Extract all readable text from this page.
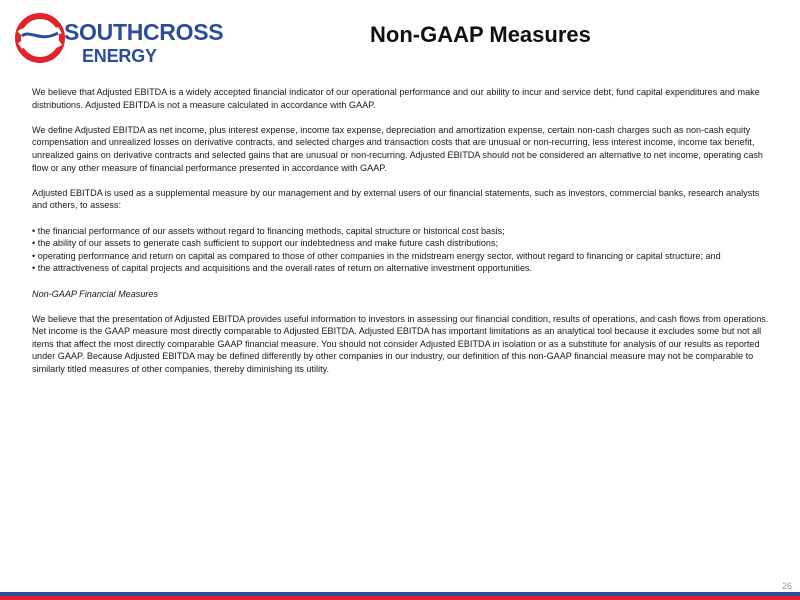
SOUTHCROSS
ENERGY
Non-GAAP Measures

We believe that Adjusted EBITDA is a widely accepted financial indicator of our operational performance and our ability to incur and service debt, fund capital expenditures and make distributions. Adjusted EBITDA is not a measure calculated in accordance with GAAP.

We define Adjusted EBITDA as net income, plus interest expense, income tax expense, depreciation and amortization expense, certain non-cash charges such as non-cash equity compensation and unrealized losses on derivative contracts, and selected charges and transaction costs that are unusual or non-recurring, less interest income, income tax benefit, unrealized gains on derivative contracts and selected gains that are unusual or non-recurring. Adjusted EBITDA should not be considered an alternative to net income, operating cash flow or any other measure of financial performance presented in accordance with GAAP.

Adjusted EBITDA is used as a supplemental measure by our management and by external users of our financial statements, such as investors, commercial banks, research analysts and others, to assess:

• the financial performance of our assets without regard to financing methods, capital structure or historical cost basis;
• the ability of our assets to generate cash sufficient to support our indebtedness and make future cash distributions;
• operating performance and return on capital as compared to those of other companies in the midstream energy sector, without regard to financing or capital structure; and
• the attractiveness of capital projects and acquisitions and the overall rates of return on alternative investment opportunities.
Non-GAAP Financial Measures

We believe that the presentation of Adjusted EBITDA provides useful information to investors in assessing our financial condition, results of operations, and cash flows from operations. Net income is the GAAP measure most directly comparable to Adjusted EBITDA. Adjusted EBITDA has important limitations as an analytical tool because it excludes some but not all items that affect the most directly comparable GAAP financial measure. You should not consider Adjusted EBITDA in isolation or as a substitute for analysis of our results as reported under GAAP. Because Adjusted EBITDA may be defined differently by other companies in our industry, our definition of this non-GAAP financial measure may not be comparable to similarly titled measures of other companies, thereby diminishing its utility.

26
